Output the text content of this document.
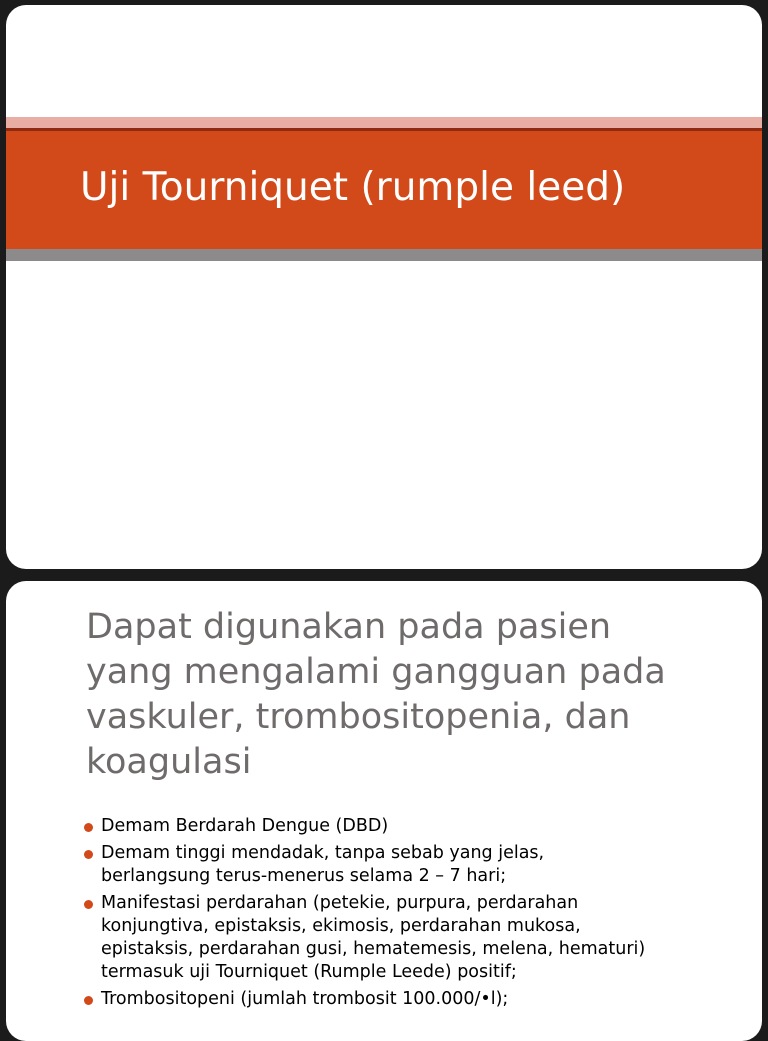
Uji Tourniquet (rumple leed)
Dapat digunakan pada pasien
yang mengalami gangguan pada
vaskuler, trombositopenia, dan
koagulasi
Demam Berdarah Dengue (DBD)
Demam tinggi mendadak, tanpa sebab yang jelas,
berlangsung terus-menerus selama 2 – 7 hari;
Manifestasi perdarahan (petekie, purpura, perdarahan
konjungtiva, epistaksis, ekimosis, perdarahan mukosa,
epistaksis, perdarahan gusi, hematemesis, melena, hematuri)
termasuk uji Tourniquet (Rumple Leede) positif;
Trombositopeni (jumlah trombosit 100.000/•l);
